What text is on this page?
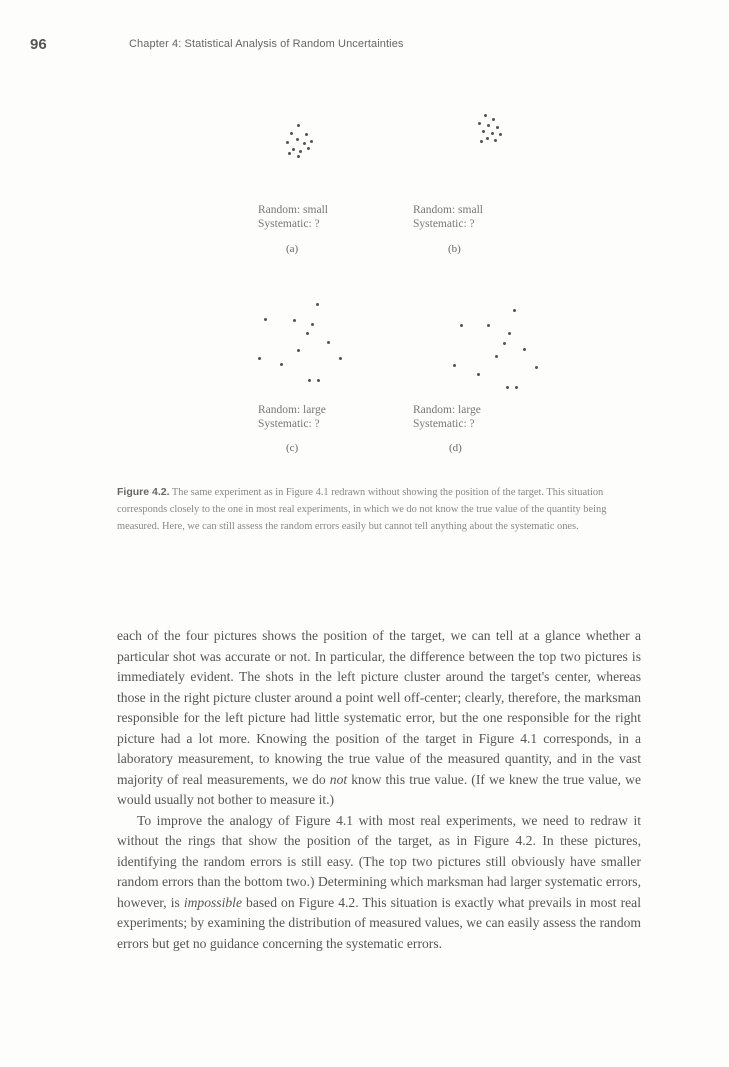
96	Chapter 4: Statistical Analysis of Random Uncertainties
Random: small
Systematic: ?
(a)
Random: small
Systematic: ?
(b)
Random: large
Systematic: ?
(c)
Random: large
Systematic: ?
(d)
Figure 4.2. The same experiment as in Figure 4.1 redrawn without showing the position of the target. This situation corresponds closely to the one in most real experiments, in which we do not know the true value of the quantity being measured. Here, we can still assess the random errors easily but cannot tell anything about the systematic ones.

each of the four pictures shows the position of the target, we can tell at a glance whether a particular shot was accurate or not. In particular, the difference between the top two pictures is immediately evident. The shots in the left picture cluster around the target's center, whereas those in the right picture cluster around a point well off-center; clearly, therefore, the marksman responsible for the left picture had little systematic error, but the one responsible for the right picture had a lot more. Knowing the position of the target in Figure 4.1 corresponds, in a laboratory measurement, to knowing the true value of the measured quantity, and in the vast majority of real measurements, we do not know this true value. (If we knew the true value, we would usually not bother to measure it.)

To improve the analogy of Figure 4.1 with most real experiments, we need to redraw it without the rings that show the position of the target, as in Figure 4.2. In these pictures, identifying the random errors is still easy. (The top two pictures still obviously have smaller random errors than the bottom two.) Determining which marksman had larger systematic errors, however, is impossible based on Figure 4.2. This situation is exactly what prevails in most real experiments; by examining the distribution of measured values, we can easily assess the random errors but get no guidance concerning the systematic errors.
